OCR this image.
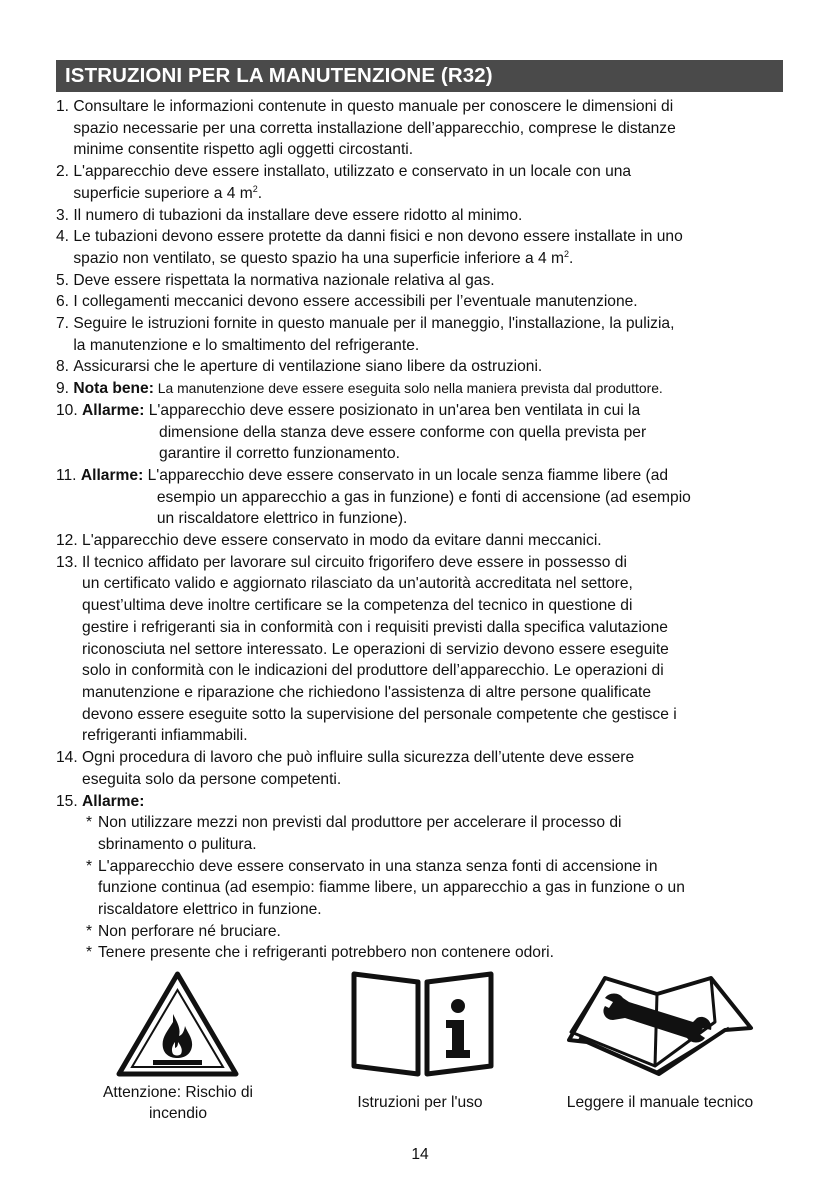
ISTRUZIONI PER LA MANUTENZIONE (R32)
1. Consultare le informazioni contenute in questo manuale per conoscere le dimensioni di

spazio necessarie per una corretta installazione dell’apparecchio, comprese le distanze

minime consentite rispetto agli oggetti circostanti.

2. L'apparecchio deve essere installato, utilizzato e conservato in un locale con una

superficie superiore a 4 $m^2$.

3. Il numero di tubazioni da installare deve essere ridotto al minimo.

4. Le tubazioni devono essere protette da danni fisici e non devono essere installate in uno

spazio non ventilato, se questo spazio ha una superficie inferiore a 4 $m^2$.

5. Deve essere rispettata la normativa nazionale relativa al gas.

6. I collegamenti meccanici devono essere accessibili per l’eventuale manutenzione.

7. Seguire le istruzioni fornite in questo manuale per il maneggio, l'installazione, la pulizia,

la manutenzione e lo smaltimento del refrigerante.

8. Assicurarsi che le aperture di ventilazione siano libere da ostruzioni.

9. Nota bene: La manutenzione deve essere eseguita solo nella maniera prevista dal produttore.

10. Allarme: L'apparecchio deve essere posizionato in un'area ben ventilata in cui la

dimensione della stanza deve essere conforme con quella prevista per

garantire il corretto funzionamento.

11. Allarme: L'apparecchio deve essere conservato in un locale senza fiamme libere (ad

esempio un apparecchio a gas in funzione) e fonti di accensione (ad esempio

un riscaldatore elettrico in funzione).

12. L'apparecchio deve essere conservato in modo da evitare danni meccanici.

13. Il tecnico affidato per lavorare sul circuito frigorifero deve essere in possesso di

un certificato valido e aggiornato rilasciato da un'autorità accreditata nel settore,

quest’ultima deve inoltre certificare se la competenza del tecnico in questione di

gestire i refrigeranti sia in conformità con i requisiti previsti dalla specifica valutazione

riconosciuta nel settore interessato. Le operazioni di servizio devono essere eseguite

solo in conformità con le indicazioni del produttore dell’apparecchio. Le operazioni di

manutenzione e riparazione che richiedono l'assistenza di altre persone qualificate

devono essere eseguite sotto la supervisione del personale competente che gestisce i

refrigeranti infiammabili.

14. Ogni procedura di lavoro che può influire sulla sicurezza dell’utente deve essere

eseguita solo da persone competenti.

15. Allarme:

* Non utilizzare mezzi non previsti dal produttore per accelerare il processo di

sbrinamento o pulitura.

* L'apparecchio deve essere conservato in una stanza senza fonti di accensione in

funzione continua (ad esempio: fiamme libere, un apparecchio a gas in funzione o un

riscaldatore elettrico in funzione.

* Non perforare né bruciare.

* Tenere presente che i refrigeranti potrebbero non contenere odori.

Attenzione: Rischio di
incendio
Istruzioni per l'uso	Leggere il manuale tecnico
14
